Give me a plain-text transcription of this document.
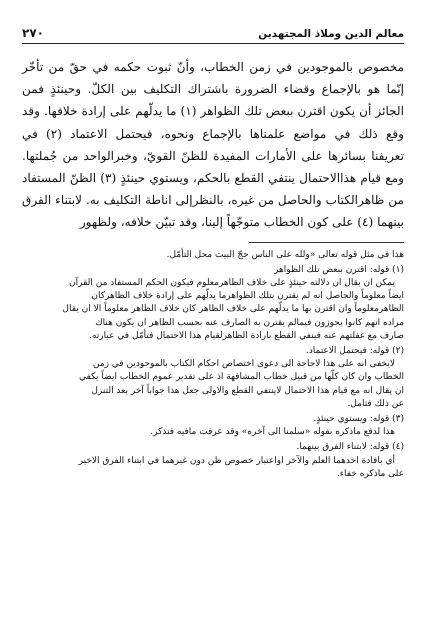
معالم الدين وملاذ المجتهدين
٢٧٠

مخصوص بالموجودين في زمن الخطاب، وأنّ ثبوت حكمه في حقّ من تأخّر

إنّما هو بالإجماع وقضاء الضرورة باشتراك التكليف بين الكلّ. وحينئذٍ فمن

الجائز أن يكون اقترن ببعض تلك الظواهر (١) ما يدلّهم على إرادة خلافها. وقد

وقع ذلك في مواضع علمناها بالإجماع ونحوه، فيحتمل الاعتماد (٢) في

تعريفنا بسائرها على الأمارات المفيدة للظنّ القويّ، وخبرالواحد من جُملتها.

ومع قيام هذاالاحتمال ينتفي القطع بالحكم، ويستوي حينئذٍ (٣) الظنّ المستفاد

من ظاهرالكتاب والحاصل من غيره، بالنظرإلى اناطة التكليف به. لابتناء الفرق

بينهما (٤) على كون الخطاب متوجّهاً إلينا، وقد تبيّن خلافه، ولظهور

هذا في مثل قوله تعالى «ولله على الناس حجّ البيت محل التأمّل.

(١) قوله: اقترن ببعض تلك الظواهر

يمكن ان يقال ان دلالته حينئذٍ على خلاف الظاهرمعلوم فيكون الحكم المستفاد من القرآن

ايضاً معلوماً والحاصل انه لم يقترن بتلك الظواهرما يدلّهم على إرادة خلاف الظاهركان

الظاهرمعلوماً وان اقترن بها ما يدلّهم على خلاف الظاهر كان خلاف الظاهر معلوماً الا ان يقال

مراده انهم كانوا يجوزون فيمالم يقترن به الصارف عنه بحسب الظاهر ان يكون هناك

صارف مع غفلتهم عنه فينفي القطع بارادة الظاهرلقيام هذا الاحتمال فتأمّل في عبارته.

(٢) قوله: فيحتمل الاعتماد.

لايخفى انه على هذا لاحاجة الى دعوى اختصاص احكام الكتاب بالموجودين في زمن

الخطاب وان كان كلّها من قبيل خطاب المشافهة اذ على تقدير عموم الخطاب ايضاً يكفي

ان يقال انه مع قيام هذا الاحتمال لاينتفي القطع والاولى جعل هذا جواباً آخر بعد التنزل

عن ذلك فتامل.

(٣) قوله: ويستوي حينئذٍ.

هذا لدفع ماذكره بقوله «سلمنا الى آخره» وقد عرفت مافيه فتذكر.

(٤) قوله: لابتناء الفرق بينهما.

أي بافادة احدهما العلم والآخر اواعتبار خصوص ظن دون غيرهما في ابتناء الفرق الاخير

على ماذكره خفاء.
